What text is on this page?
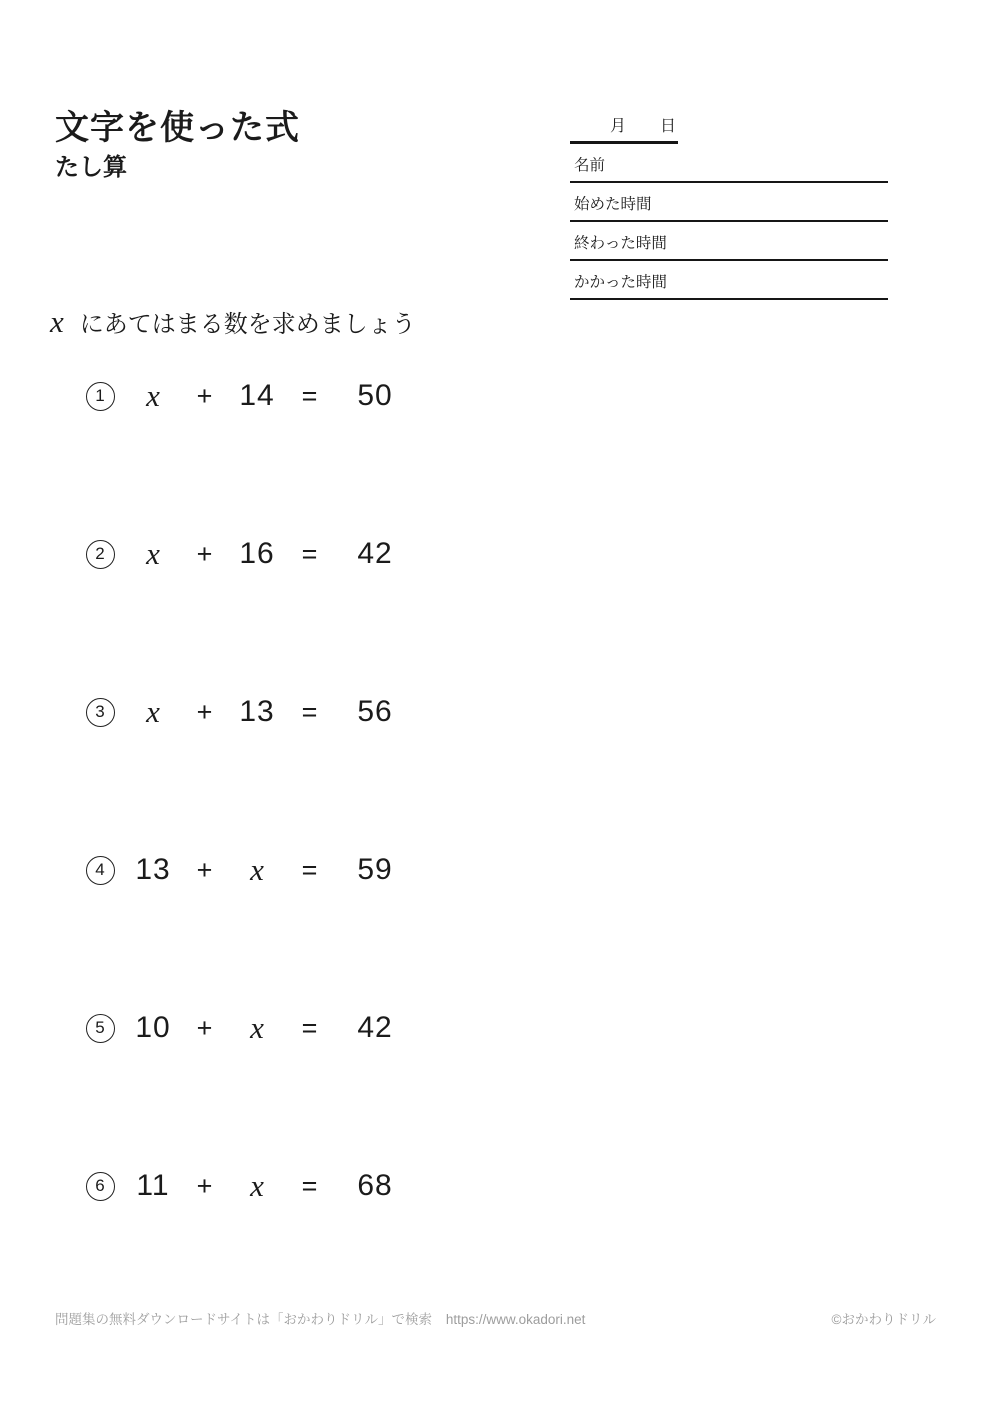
文字を使った式
たし算
月 日
名前
始めた時間
終わった時間
かかった時間
x にあてはまる数を求めましょう
1	x	+ 14 =	50
2	x	+ 16 =	42
3	x	+ 13 =	56
4	13 +	x	=	59
5	10 +	x	=	42
6	11	+	x	=	68
問題集の無料ダウンロードサイトは「おかわりドリル」で検索 https://www.okadori.net	©おかわりドリル
